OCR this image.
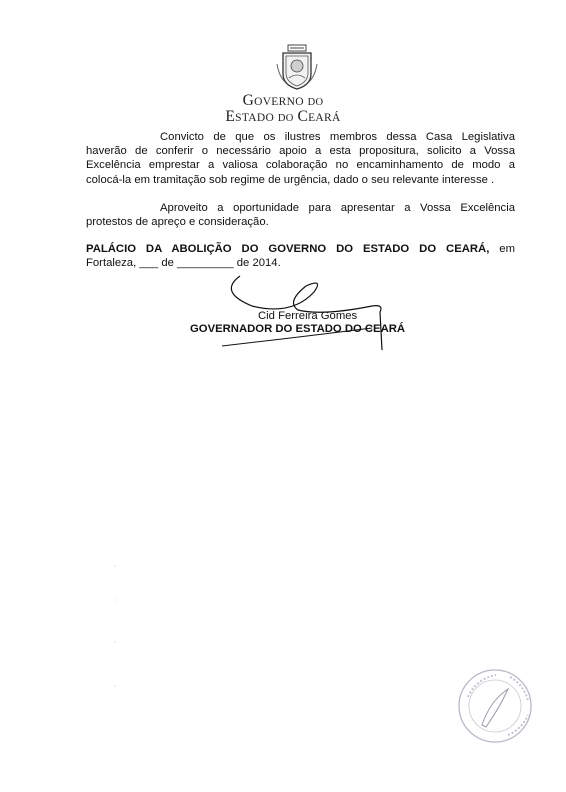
GOVERNO DO
ESTADO DO CEARÁ
Convicto de que os ilustres membros dessa Casa Legislativa
haverão de conferir o necessário apoio a esta propositura, solicito a Vossa
Excelência emprestar a valiosa colaboração no encaminhamento de modo a
colocá-la em tramitação sob regime de urgência, dado o seu relevante interesse .
Aproveito a oportunidade para apresentar a Vossa Excelência
protestos de apreço e consideração.
PALÁCIO DA ABOLIÇÃO DO GOVERNO DO ESTADO DO CEARÁ, em
Fortaleza, ___ de _________ de 2014.
Cid Ferreira Gomes
GOVERNADOR DO ESTADO DO CEARÁ
